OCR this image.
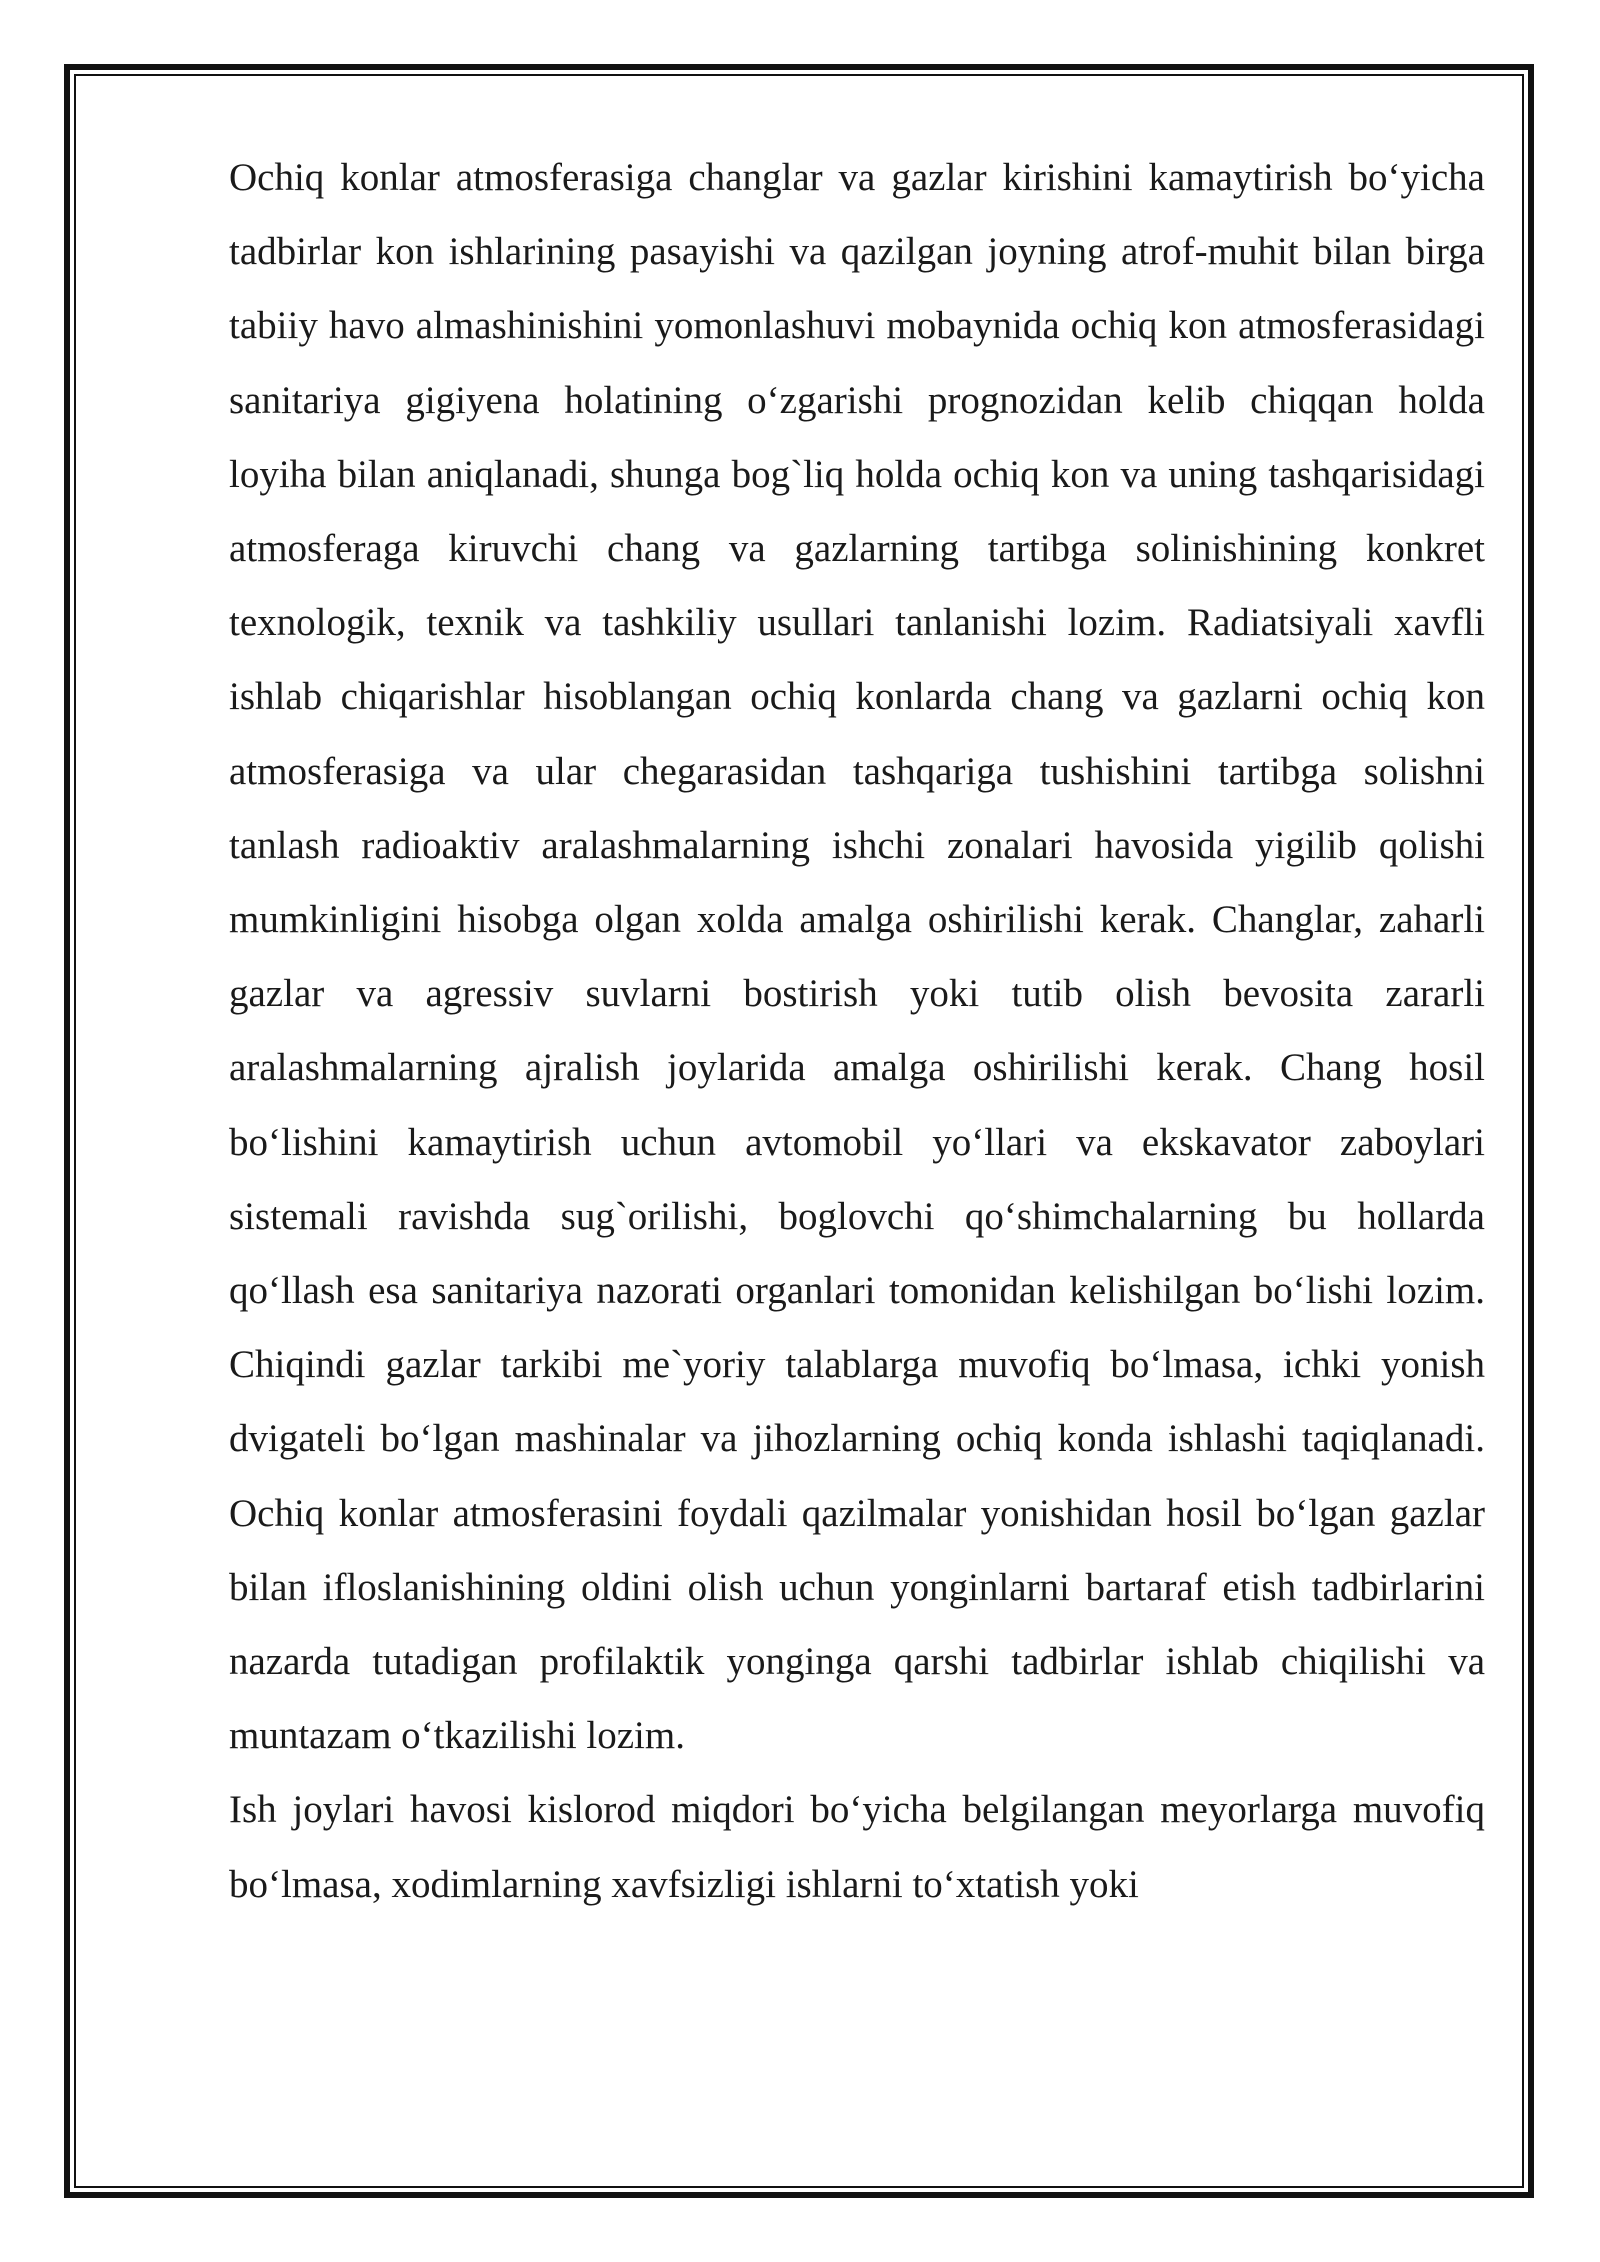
Ochiq konlar atmosferasiga changlar va gazlar kirishini kamaytirish bo‘yicha tadbirlar kon ishlarining pasayishi va qazilgan joyning atrof-muhit bilan birga tabiiy havo almashinishini yomonlashuvi mobaynida ochiq kon atmosferasidagi sanitariya gigiyena holatining o‘zgarishi prognozidan kelib chiqqan holda loyiha bilan aniqlanadi, shunga bog`liq holda ochiq kon va uning tashqarisidagi atmosferaga kiruvchi chang va gazlarning tartibga solinishining konkret texnologik, texnik va tashkiliy usullari tanlanishi lozim. Radiatsiyali xavfli ishlab chiqarishlar hisoblangan ochiq konlarda chang va gazlarni ochiq kon atmosferasiga va ular chegarasidan tashqariga tushishini tartibga solishni tanlash radioaktiv aralashmalarning ishchi zonalari havosida yigilib qolishi mumkinligini hisobga olgan xolda amalga oshirilishi kerak. Changlar, zaharli gazlar va agressiv suvlarni bostirish yoki tutib olish bevosita zararli aralashmalarning ajralish joylarida amalga oshirilishi kerak. Chang hosil bo‘lishini kamaytirish uchun avtomobil yo‘llari va ekskavator zaboylari sistemali ravishda sug`orilishi, boglovchi qo‘shimchalarning bu hollarda qo‘llash esa sanitariya nazorati organlari tomonidan kelishilgan bo‘lishi lozim. Chiqindi gazlar tarkibi me`yoriy talablarga muvofiq bo‘lmasa, ichki yonish dvigateli bo‘lgan mashinalar va jihozlarning ochiq konda ishlashi taqiqlanadi. Ochiq konlar atmosferasini foydali qazilmalar yonishidan hosil bo‘lgan gazlar bilan ifloslanishining oldini olish uchun yonginlarni bartaraf etish tadbirlarini nazarda tutadigan profilaktik yonginga qarshi tadbirlar ishlab chiqilishi va muntazam o‘tkazilishi lozim.

Ish joylari havosi kislorod miqdori bo‘yicha belgilangan meyorlarga muvofiq bo‘lmasa, xodimlarning xavfsizligi ishlarni to‘xtatish yoki
